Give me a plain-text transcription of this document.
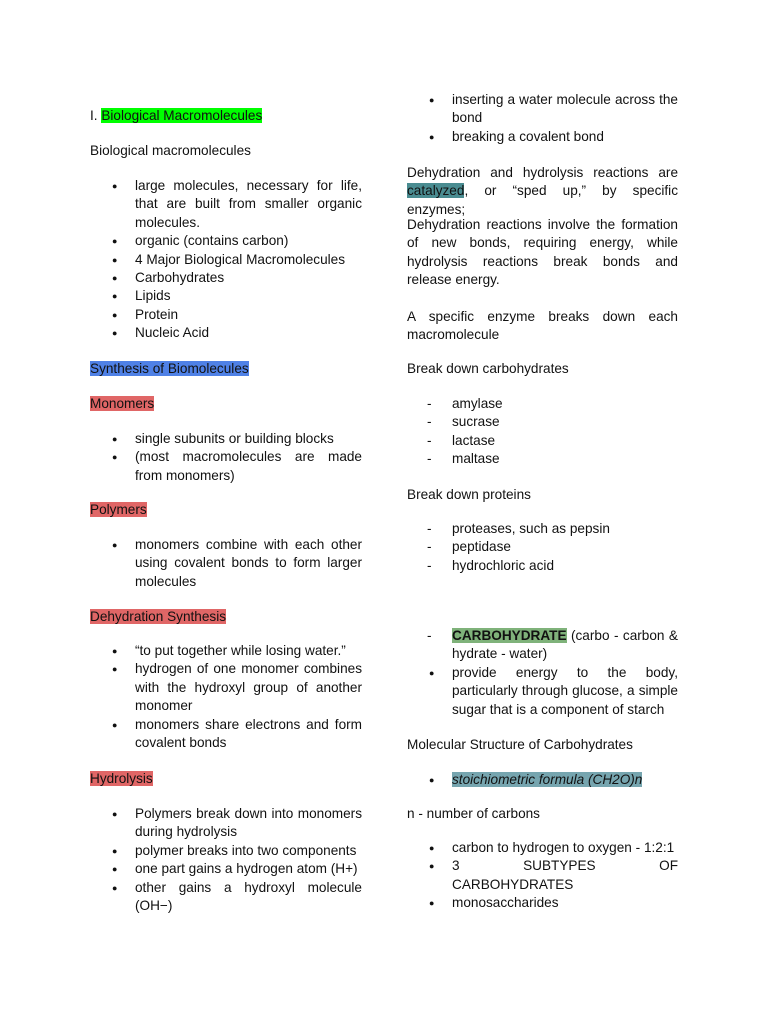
I. Biological Macromolecules

Biological macromolecules

● large molecules, necessary for life, that are built from smaller organic molecules.
● organic (contains carbon)
● 4 Major Biological Macromolecules
● Carbohydrates
● Lipids
● Protein
● Nucleic Acid

Synthesis of Biomolecules

Monomers

● single subunits or building blocks
● (most macromolecules are made from monomers)

Polymers

● monomers combine with each other using covalent bonds to form larger molecules

Dehydration Synthesis

● “to put together while losing water.”
● hydrogen of one monomer combines with the hydroxyl group of another monomer
● monomers share electrons and form covalent bonds

Hydrolysis

● Polymers break down into monomers during hydrolysis
● polymer breaks into two components
● one part gains a hydrogen atom (H+)
● other gains a hydroxyl molecule (OH−)
● inserting a water molecule across the bond
● breaking a covalent bond

Dehydration and hydrolysis reactions are catalyzed, or “sped up,” by specific enzymes;

Dehydration reactions involve the formation of new bonds, requiring energy, while hydrolysis reactions break bonds and release energy.

A specific enzyme breaks down each macromolecule

Break down carbohydrates

- amylase
- sucrase
- lactase
- maltase

Break down proteins

- proteases, such as pepsin
- peptidase
- hydrochloric acid
- CARBOHYDRATE (carbo - carbon & hydrate - water)
● provide energy to the body, particularly through glucose, a simple sugar that is a component of starch

Molecular Structure of Carbohydrates

● stoichiometric formula (CH2O)n

n - number of carbons

● carbon to hydrogen to oxygen - 1:2:1
● 3 SUBTYPES OF CARBOHYDRATES
● monosaccharides
